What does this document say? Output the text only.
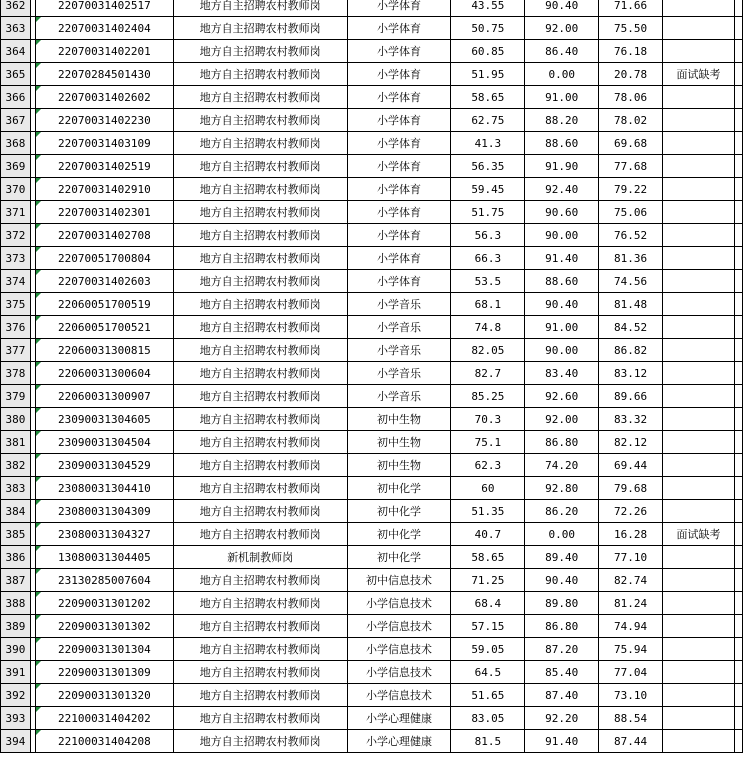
362		22070031402517	地方自主招聘农村教师岗	小学体育	43.55	90.40	71.66		
363		22070031402404	地方自主招聘农村教师岗	小学体育	50.75	92.00	75.50		
364		22070031402201	地方自主招聘农村教师岗	小学体育	60.85	86.40	76.18		
365		22070284501430	地方自主招聘农村教师岗	小学体育	51.95	0.00	20.78	面试缺考	
366		22070031402602	地方自主招聘农村教师岗	小学体育	58.65	91.00	78.06		
367		22070031402230	地方自主招聘农村教师岗	小学体育	62.75	88.20	78.02		
368		22070031403109	地方自主招聘农村教师岗	小学体育	41.3	88.60	69.68		
369		22070031402519	地方自主招聘农村教师岗	小学体育	56.35	91.90	77.68		
370		22070031402910	地方自主招聘农村教师岗	小学体育	59.45	92.40	79.22		
371		22070031402301	地方自主招聘农村教师岗	小学体育	51.75	90.60	75.06		
372		22070031402708	地方自主招聘农村教师岗	小学体育	56.3	90.00	76.52		
373		22070051700804	地方自主招聘农村教师岗	小学体育	66.3	91.40	81.36		
374		22070031402603	地方自主招聘农村教师岗	小学体育	53.5	88.60	74.56		
375		22060051700519	地方自主招聘农村教师岗	小学音乐	68.1	90.40	81.48		
376		22060051700521	地方自主招聘农村教师岗	小学音乐	74.8	91.00	84.52		
377		22060031300815	地方自主招聘农村教师岗	小学音乐	82.05	90.00	86.82		
378		22060031300604	地方自主招聘农村教师岗	小学音乐	82.7	83.40	83.12		
379		22060031300907	地方自主招聘农村教师岗	小学音乐	85.25	92.60	89.66		
380		23090031304605	地方自主招聘农村教师岗	初中生物	70.3	92.00	83.32		
381		23090031304504	地方自主招聘农村教师岗	初中生物	75.1	86.80	82.12		
382		23090031304529	地方自主招聘农村教师岗	初中生物	62.3	74.20	69.44		
383		23080031304410	地方自主招聘农村教师岗	初中化学	60	92.80	79.68		
384		23080031304309	地方自主招聘农村教师岗	初中化学	51.35	86.20	72.26		
385		23080031304327	地方自主招聘农村教师岗	初中化学	40.7	0.00	16.28	面试缺考	
386		13080031304405	新机制教师岗	初中化学	58.65	89.40	77.10		
387		23130285007604	地方自主招聘农村教师岗	初中信息技术	71.25	90.40	82.74		
388		22090031301202	地方自主招聘农村教师岗	小学信息技术	68.4	89.80	81.24		
389		22090031301302	地方自主招聘农村教师岗	小学信息技术	57.15	86.80	74.94		
390		22090031301304	地方自主招聘农村教师岗	小学信息技术	59.05	87.20	75.94		
391		22090031301309	地方自主招聘农村教师岗	小学信息技术	64.5	85.40	77.04		
392		22090031301320	地方自主招聘农村教师岗	小学信息技术	51.65	87.40	73.10		
393		22100031404202	地方自主招聘农村教师岗	小学心理健康	83.05	92.20	88.54		
394		22100031404208	地方自主招聘农村教师岗	小学心理健康	81.5	91.40	87.44		
